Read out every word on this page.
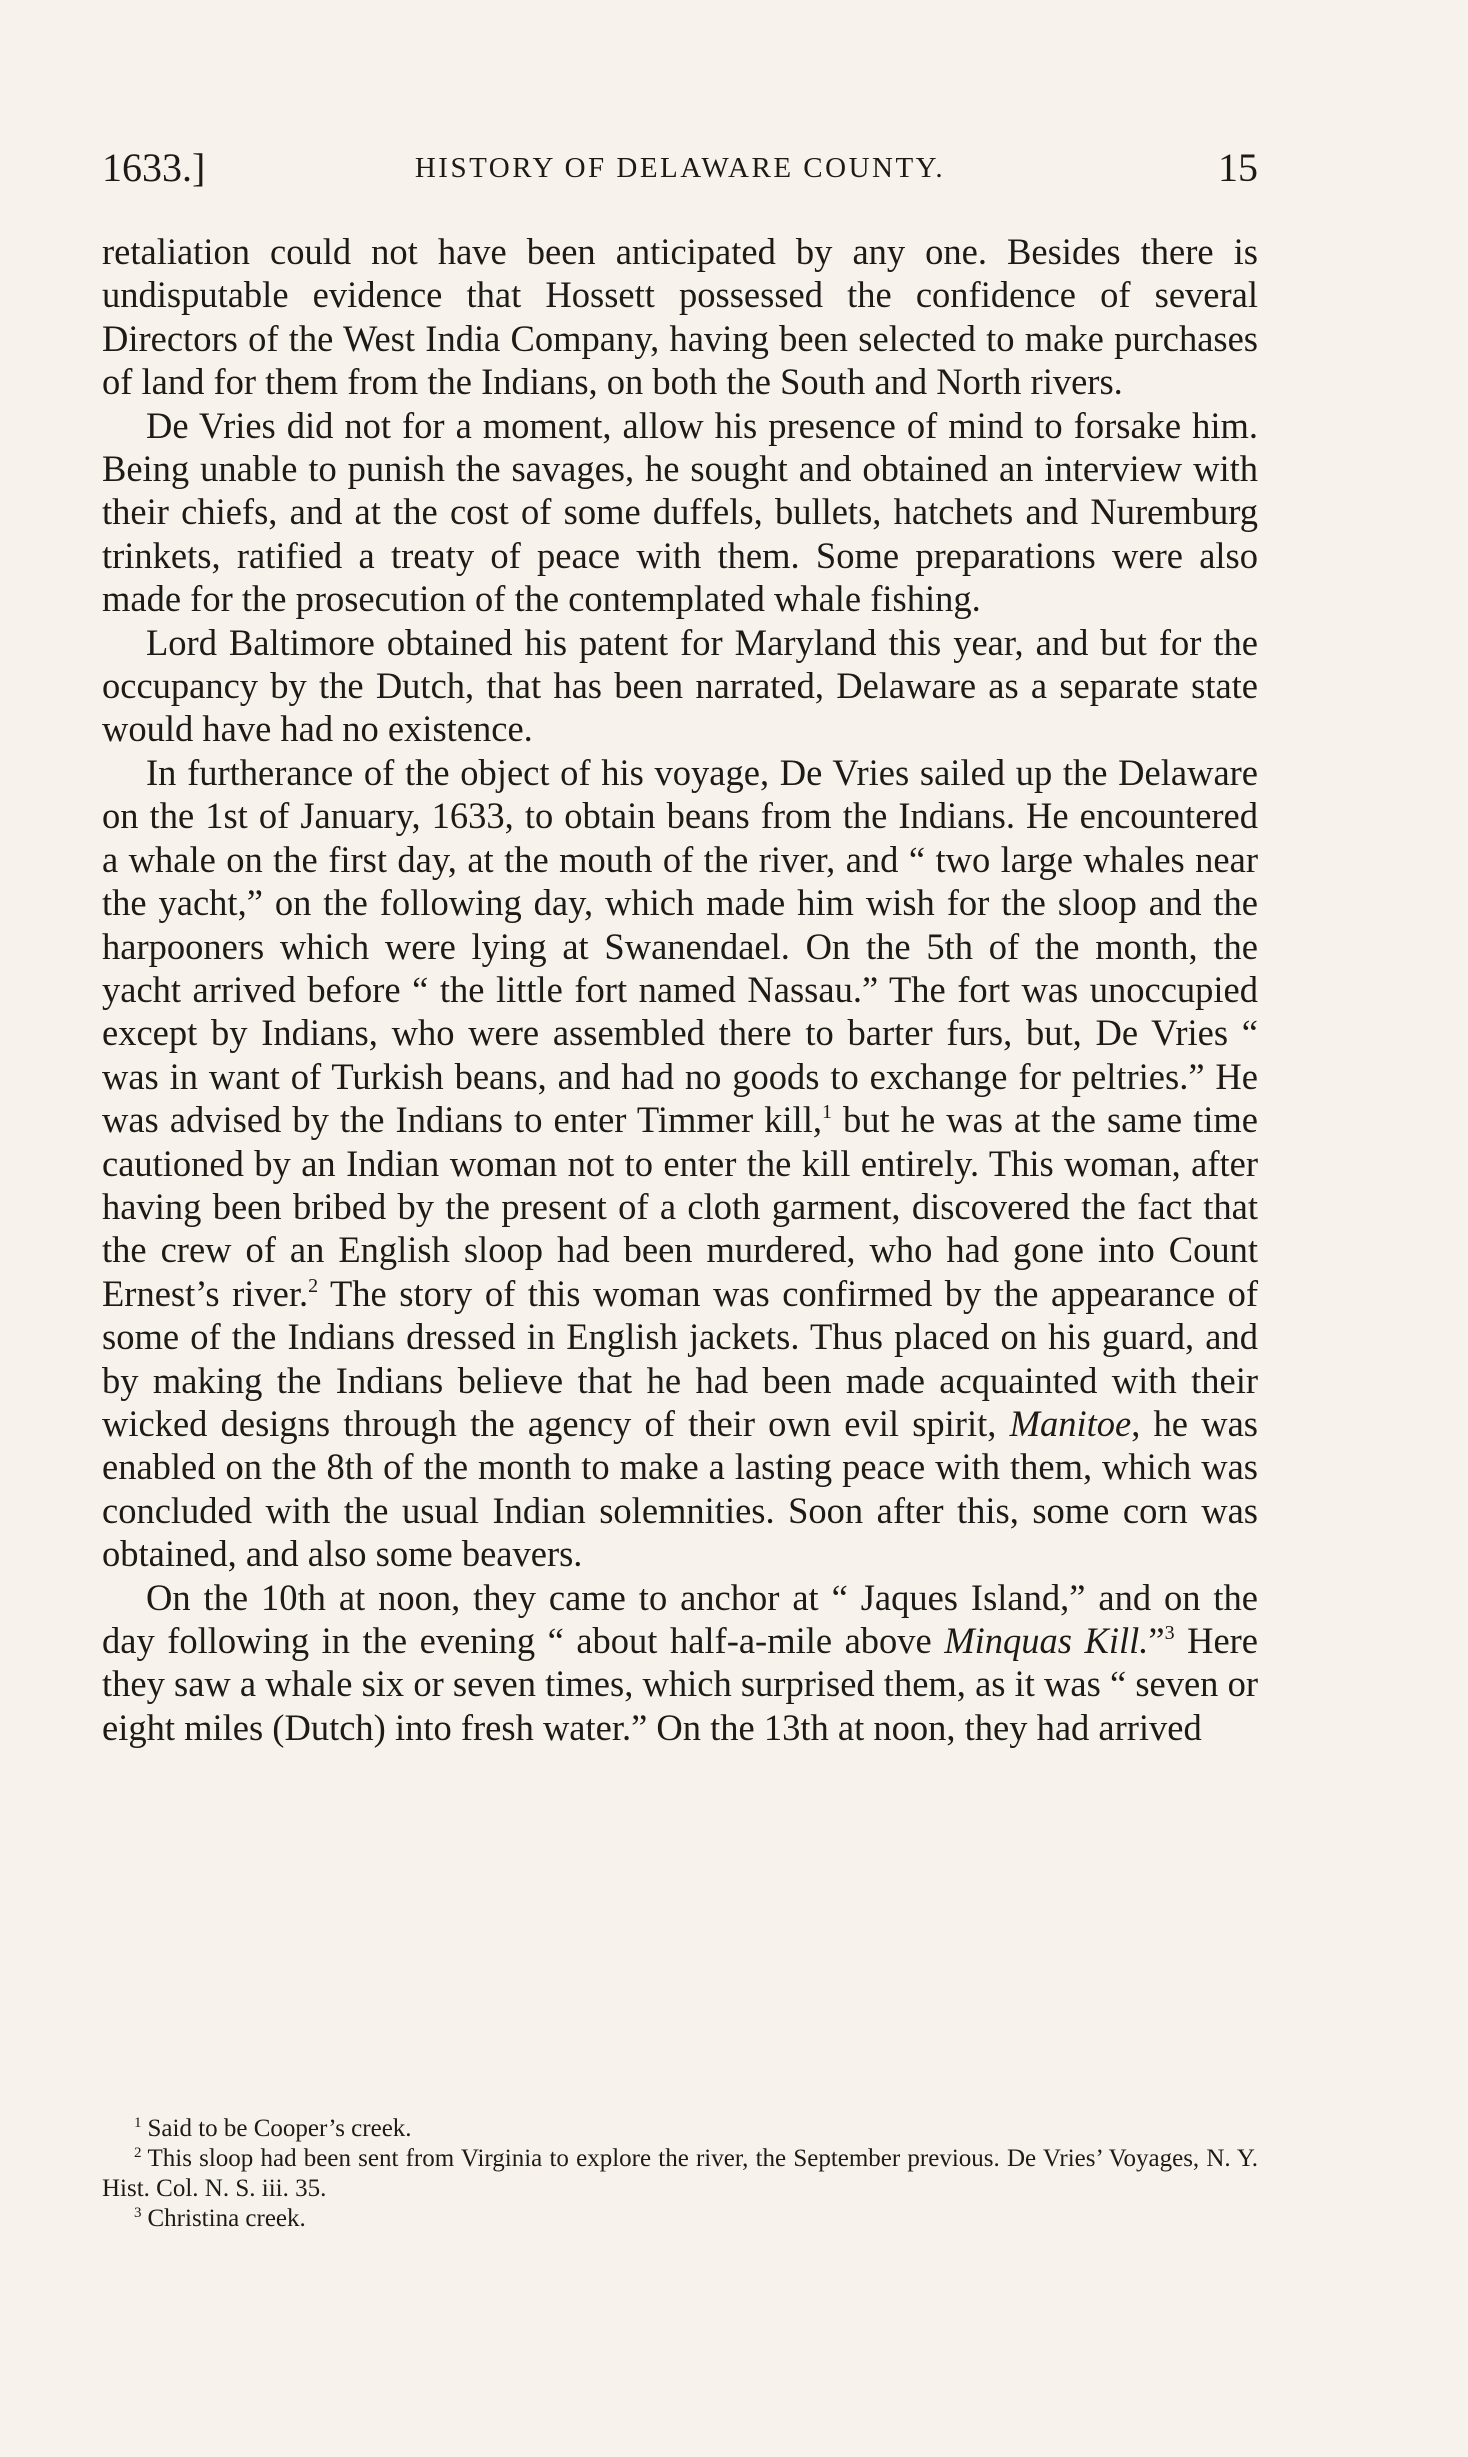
1633.]	HISTORY OF DELAWARE COUNTY.	15

retaliation could not have been anticipated by any one. Besides there is undisputable evidence that Hossett possessed the confidence of several Directors of the West India Company, having been selected to make purchases of land for them from the Indians, on both the South and North rivers.

De Vries did not for a moment, allow his presence of mind to forsake him. Being unable to punish the savages, he sought and obtained an interview with their chiefs, and at the cost of some duffels, bullets, hatchets and Nuremburg trinkets, ratified a treaty of peace with them. Some preparations were also made for the prosecution of the contemplated whale fishing.

Lord Baltimore obtained his patent for Maryland this year, and but for the occupancy by the Dutch, that has been narrated, Delaware as a separate state would have had no existence.

In furtherance of the object of his voyage, De Vries sailed up the Delaware on the 1st of January, 1633, to obtain beans from the Indians. He encountered a whale on the first day, at the mouth of the river, and “ two large whales near the yacht,” on the following day, which made him wish for the sloop and the harpooners which were lying at Swanendael. On the 5th of the month, the yacht arrived before “ the little fort named Nassau.” The fort was unoccupied except by Indians, who were assembled there to barter furs, but, De Vries “ was in want of Turkish beans, and had no goods to exchange for peltries.” He was advised by the Indians to enter Timmer kill,$^1$ but he was at the same time cautioned by an Indian woman not to enter the kill entirely. This woman, after having been bribed by the present of a cloth garment, discovered the fact that the crew of an English sloop had been murdered, who had gone into Count Ernest’s river.$^2$ The story of this woman was confirmed by the appearance of some of the Indians dressed in English jackets. Thus placed on his guard, and by making the Indians believe that he had been made acquainted with their wicked designs through the agency of their own evil spirit, Manitoe, he was enabled on the 8th of the month to make a lasting peace with them, which was concluded with the usual Indian solemnities. Soon after this, some corn was obtained, and also some beavers.

On the 10th at noon, they came to anchor at “ Jaques Island,” and on the day following in the evening “ about half-a-mile above Minquas Kill.”$^3$ Here they saw a whale six or seven times, which surprised them, as it was “ seven or eight miles (Dutch) into fresh water.” On the 13th at noon, they had arrived

$^1$ Said to be Cooper’s creek.

$^2$ This sloop had been sent from Virginia to explore the river, the September previous. De Vries’ Voyages, N. Y. Hist. Col. N. S. iii. 35.

$^3$ Christina creek.
